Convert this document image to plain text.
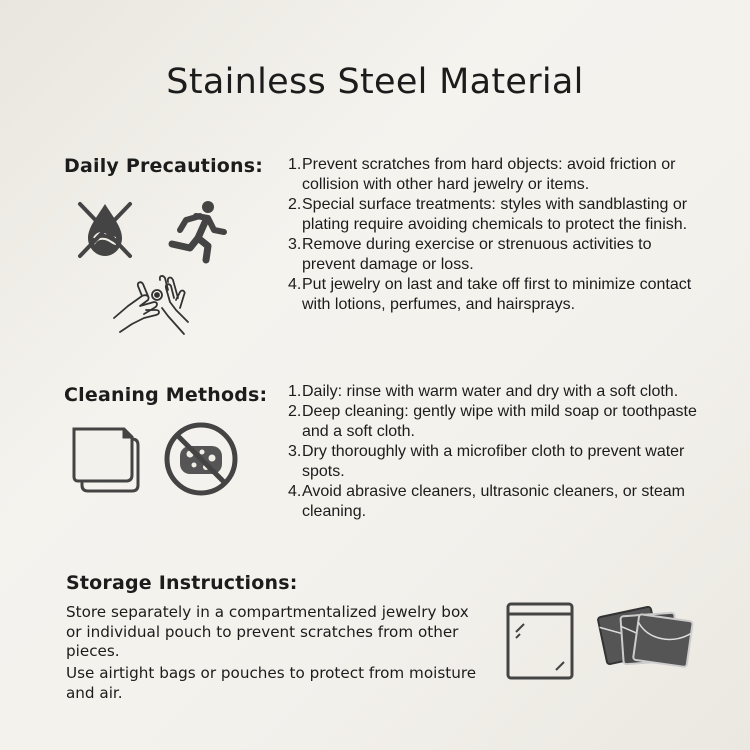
Stainless Steel Material
Daily Precautions: 1. Prevent scratches from hard objects: avoid friction or collision with other hard jewelry or items.
2. Special surface treatments: styles with sandblasting or plating require avoiding chemicals to protect the finish.
3. Remove during exercise or strenuous activities to prevent damage or loss.
4. Put jewelry on last and take off first to minimize contact with lotions, perfumes, and hairsprays.
Cleaning Methods: 1. Daily: rinse with warm water and dry with a soft cloth.
2. Deep cleaning: gently wipe with mild soap or toothpaste and a soft cloth.
3. Dry thoroughly with a microfiber cloth to prevent water spots.
4. Avoid abrasive cleaners, ultrasonic cleaners, or steam cleaning.
Storage Instructions:
Store separately in a compartmentalized jewelry box or individual pouch to prevent scratches from other pieces.
Use airtight bags or pouches to protect from moisture and air.
